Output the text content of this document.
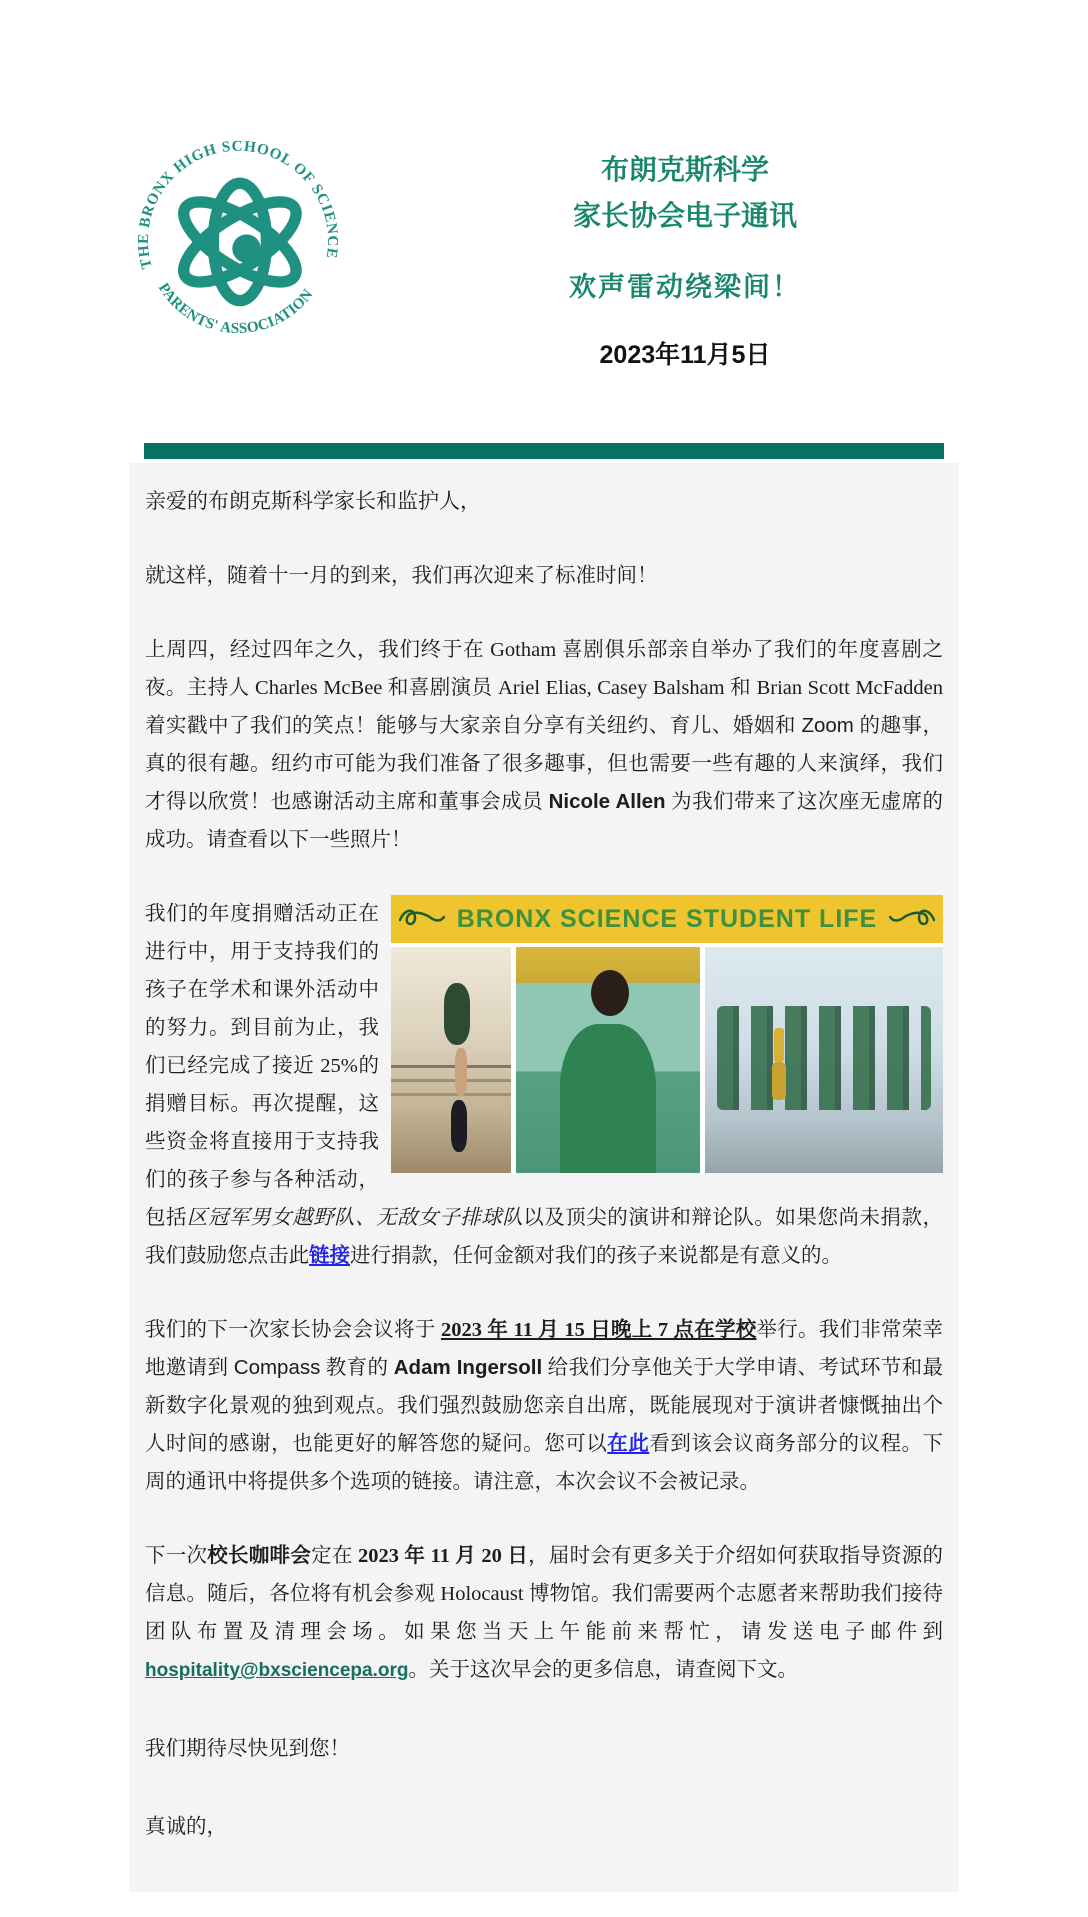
THE BRONX HIGH SCHOOL OF SCIENCE
PARENTS' ASSOCIATION
布朗克斯科学
家长协会电子通讯
欢声雷动绕梁间！
2023年11月5日
亲爱的布朗克斯科学家长和监护人，
就这样，随着十一月的到来，我们再次迎来了标准时间！
上周四，经过四年之久，我们终于在 Gotham 喜剧俱乐部亲自举办了我们的年度喜剧之夜。主持人 Charles McBee 和喜剧演员 Ariel Elias, Casey Balsham 和 Brian Scott McFadden 着实戳中了我们的笑点！能够与大家亲自分享有关纽约、育儿、婚姻和 Zoom 的趣事，真的很有趣。纽约市可能为我们准备了很多趣事，但也需要一些有趣的人来演绎，我们才得以欣赏！也感谢活动主席和董事会成员 Nicole Allen 为我们带来了这次座无虚席的成功。请查看以下一些照片！
BRONX SCIENCE STUDENT LIFE
我们的年度捐赠活动正在进行中，用于支持我们的孩子在学术和课外活动中的努力。到目前为止，我们已经完成了接近 25%的捐赠目标。再次提醒，这些资金将直接用于支持我们的孩子参与各种活动，包括区冠军男女越野队、无敌女子排球队以及顶尖的演讲和辩论队。如果您尚未捐款，我们鼓励您点击此链接进行捐款，任何金额对我们的孩子来说都是有意义的。
我们的下一次家长协会会议将于 2023 年 11 月 15 日晚上 7 点在学校举行。我们非常荣幸地邀请到 Compass 教育的 Adam Ingersoll 给我们分享他关于大学申请、考试环节和最新数字化景观的独到观点。我们强烈鼓励您亲自出席，既能展现对于演讲者慷慨抽出个人时间的感谢，也能更好的解答您的疑问。您可以在此看到该会议商务部分的议程。下周的通讯中将提供多个选项的链接。请注意，本次会议不会被记录。
下一次校长咖啡会定在 2023 年 11 月 20 日，届时会有更多关于介绍如何获取指导资源的信息。随后，各位将有机会参观 Holocaust 博物馆。我们需要两个志愿者来帮助我们接待团队布置及清理会场。如果您当天上午能前来帮忙，请发送电子邮件到 hospitality@bxsciencepa.org。关于这次早会的更多信息，请查阅下文。
我们期待尽快见到您！
真诚的，
